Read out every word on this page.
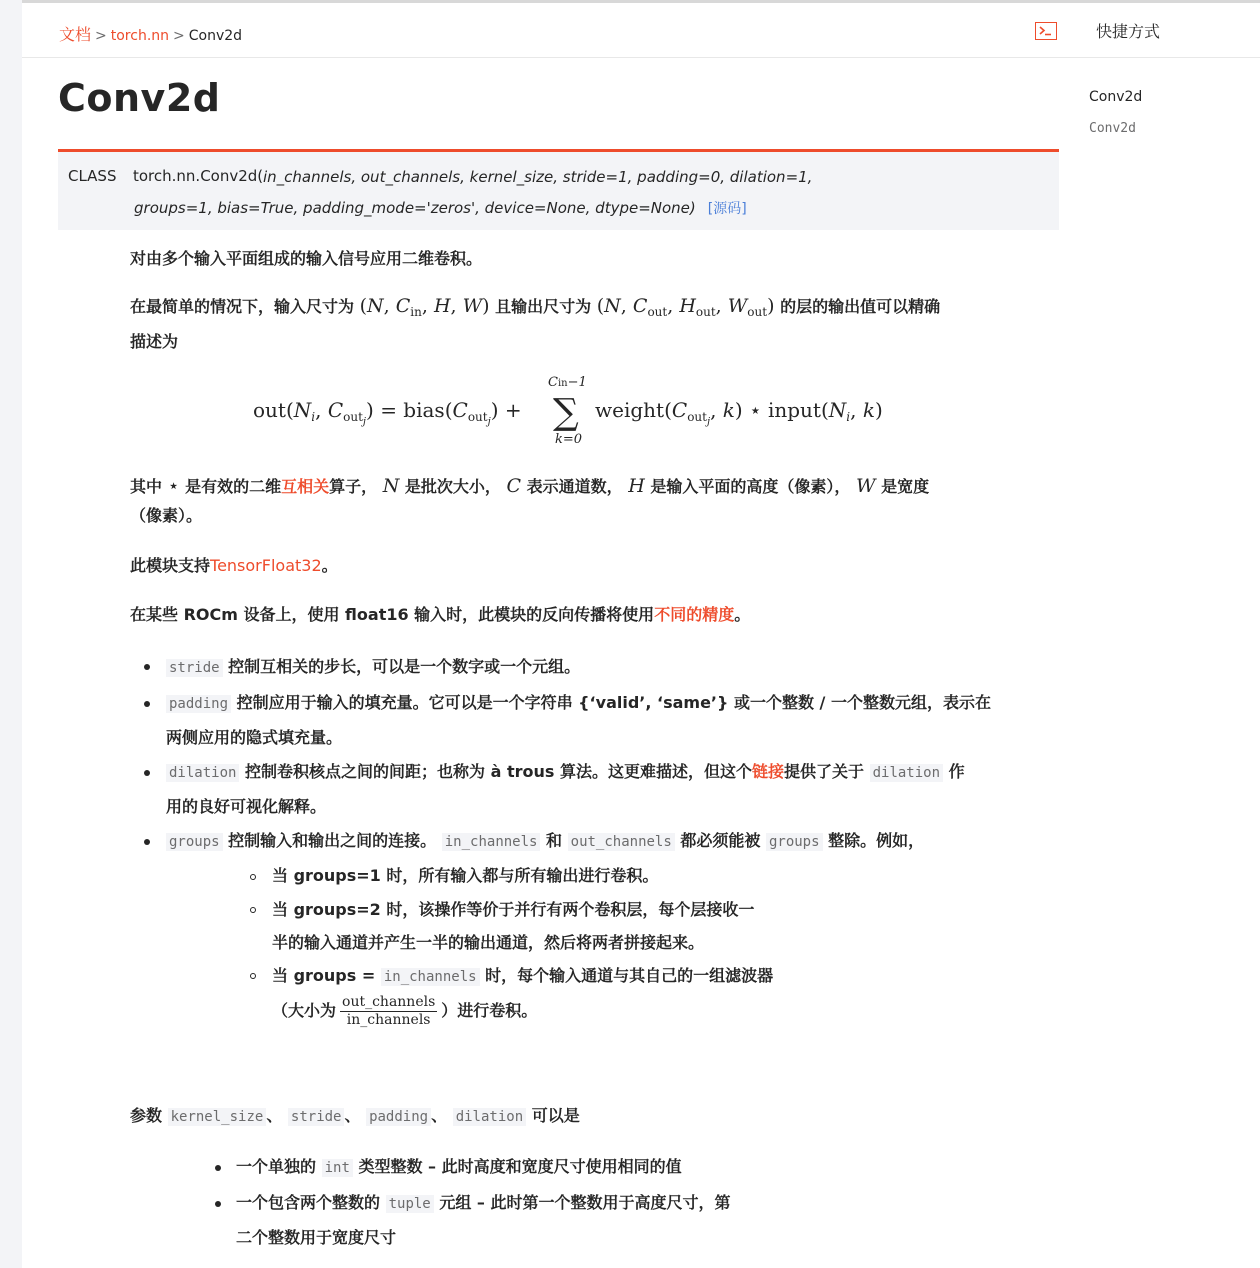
文档 > torch.nn > Conv2d	快捷方式
Conv2d
Conv2d
Conv2d
CLASS torch.nn.Conv2d( in_channels, out_channels, kernel_size, stride=1, padding=0, dilation=1,
groups=1, bias=True, padding_mode='zeros', device=None, dtype=None) [源码]
对由多个输入平面组成的输入信号应用二维卷积。
在最简单的情况下，输入尺寸为 (N, $C_{in}$, H, W) 且输出尺寸为 (N, $C_{out}$, $H_{out}$, $W_{out}$) 的层的输出值可以精确
描述为
$out(N_i$, $C_{out_j}$) = $bias(C_{out_j})$ +
Cin−1
∑
k=0
$weight(C_{out_j}$, k) ⋆ $input(N_i$, k)
其中 ⋆ 是有效的二维互相关算子， N 是批次大小， C 表示通道数， H 是输入平面的高度（像素）， W 是宽度
（像素）。
此模块支持TensorFloat32。
在某些 ROCm 设备上，使用 float16 输入时，此模块的反向传播将使用不同的精度。
stride 控制互相关的步长，可以是一个数字或一个元组。
padding 控制应用于输入的填充量。它可以是一个字符串 {‘valid’, ‘same’} 或一个整数 / 一个整数元组，表示在
两侧应用的隐式填充量。
dilation 控制卷积核点之间的间距；也称为 à trous 算法。这更难描述，但这个链接提供了关于 dilation 作
用的良好可视化解释。
groups 控制输入和输出之间的连接。 in_channels 和 out_channels 都必须能被 groups 整除。例如，
当 groups=1 时，所有输入都与所有输出进行卷积。
当 groups=2 时，该操作等价于并行有两个卷积层，每个层接收一
半的输入通道并产生一半的输出通道，然后将两者拼接起来。
当 groups = in_channels 时，每个输入通道与其自己的一组滤波器
（大小为 $\frac{\text{out\_channels}}{\text{in\_channels}}$ ）进行卷积。
参数 kernel_size 、 stride 、 padding 、 dilation 可以是
一个单独的 int 类型整数 – 此时高度和宽度尺寸使用相同的值
一个包含两个整数的 tuple 元组 – 此时第一个整数用于高度尺寸，第
二个整数用于宽度尺寸
